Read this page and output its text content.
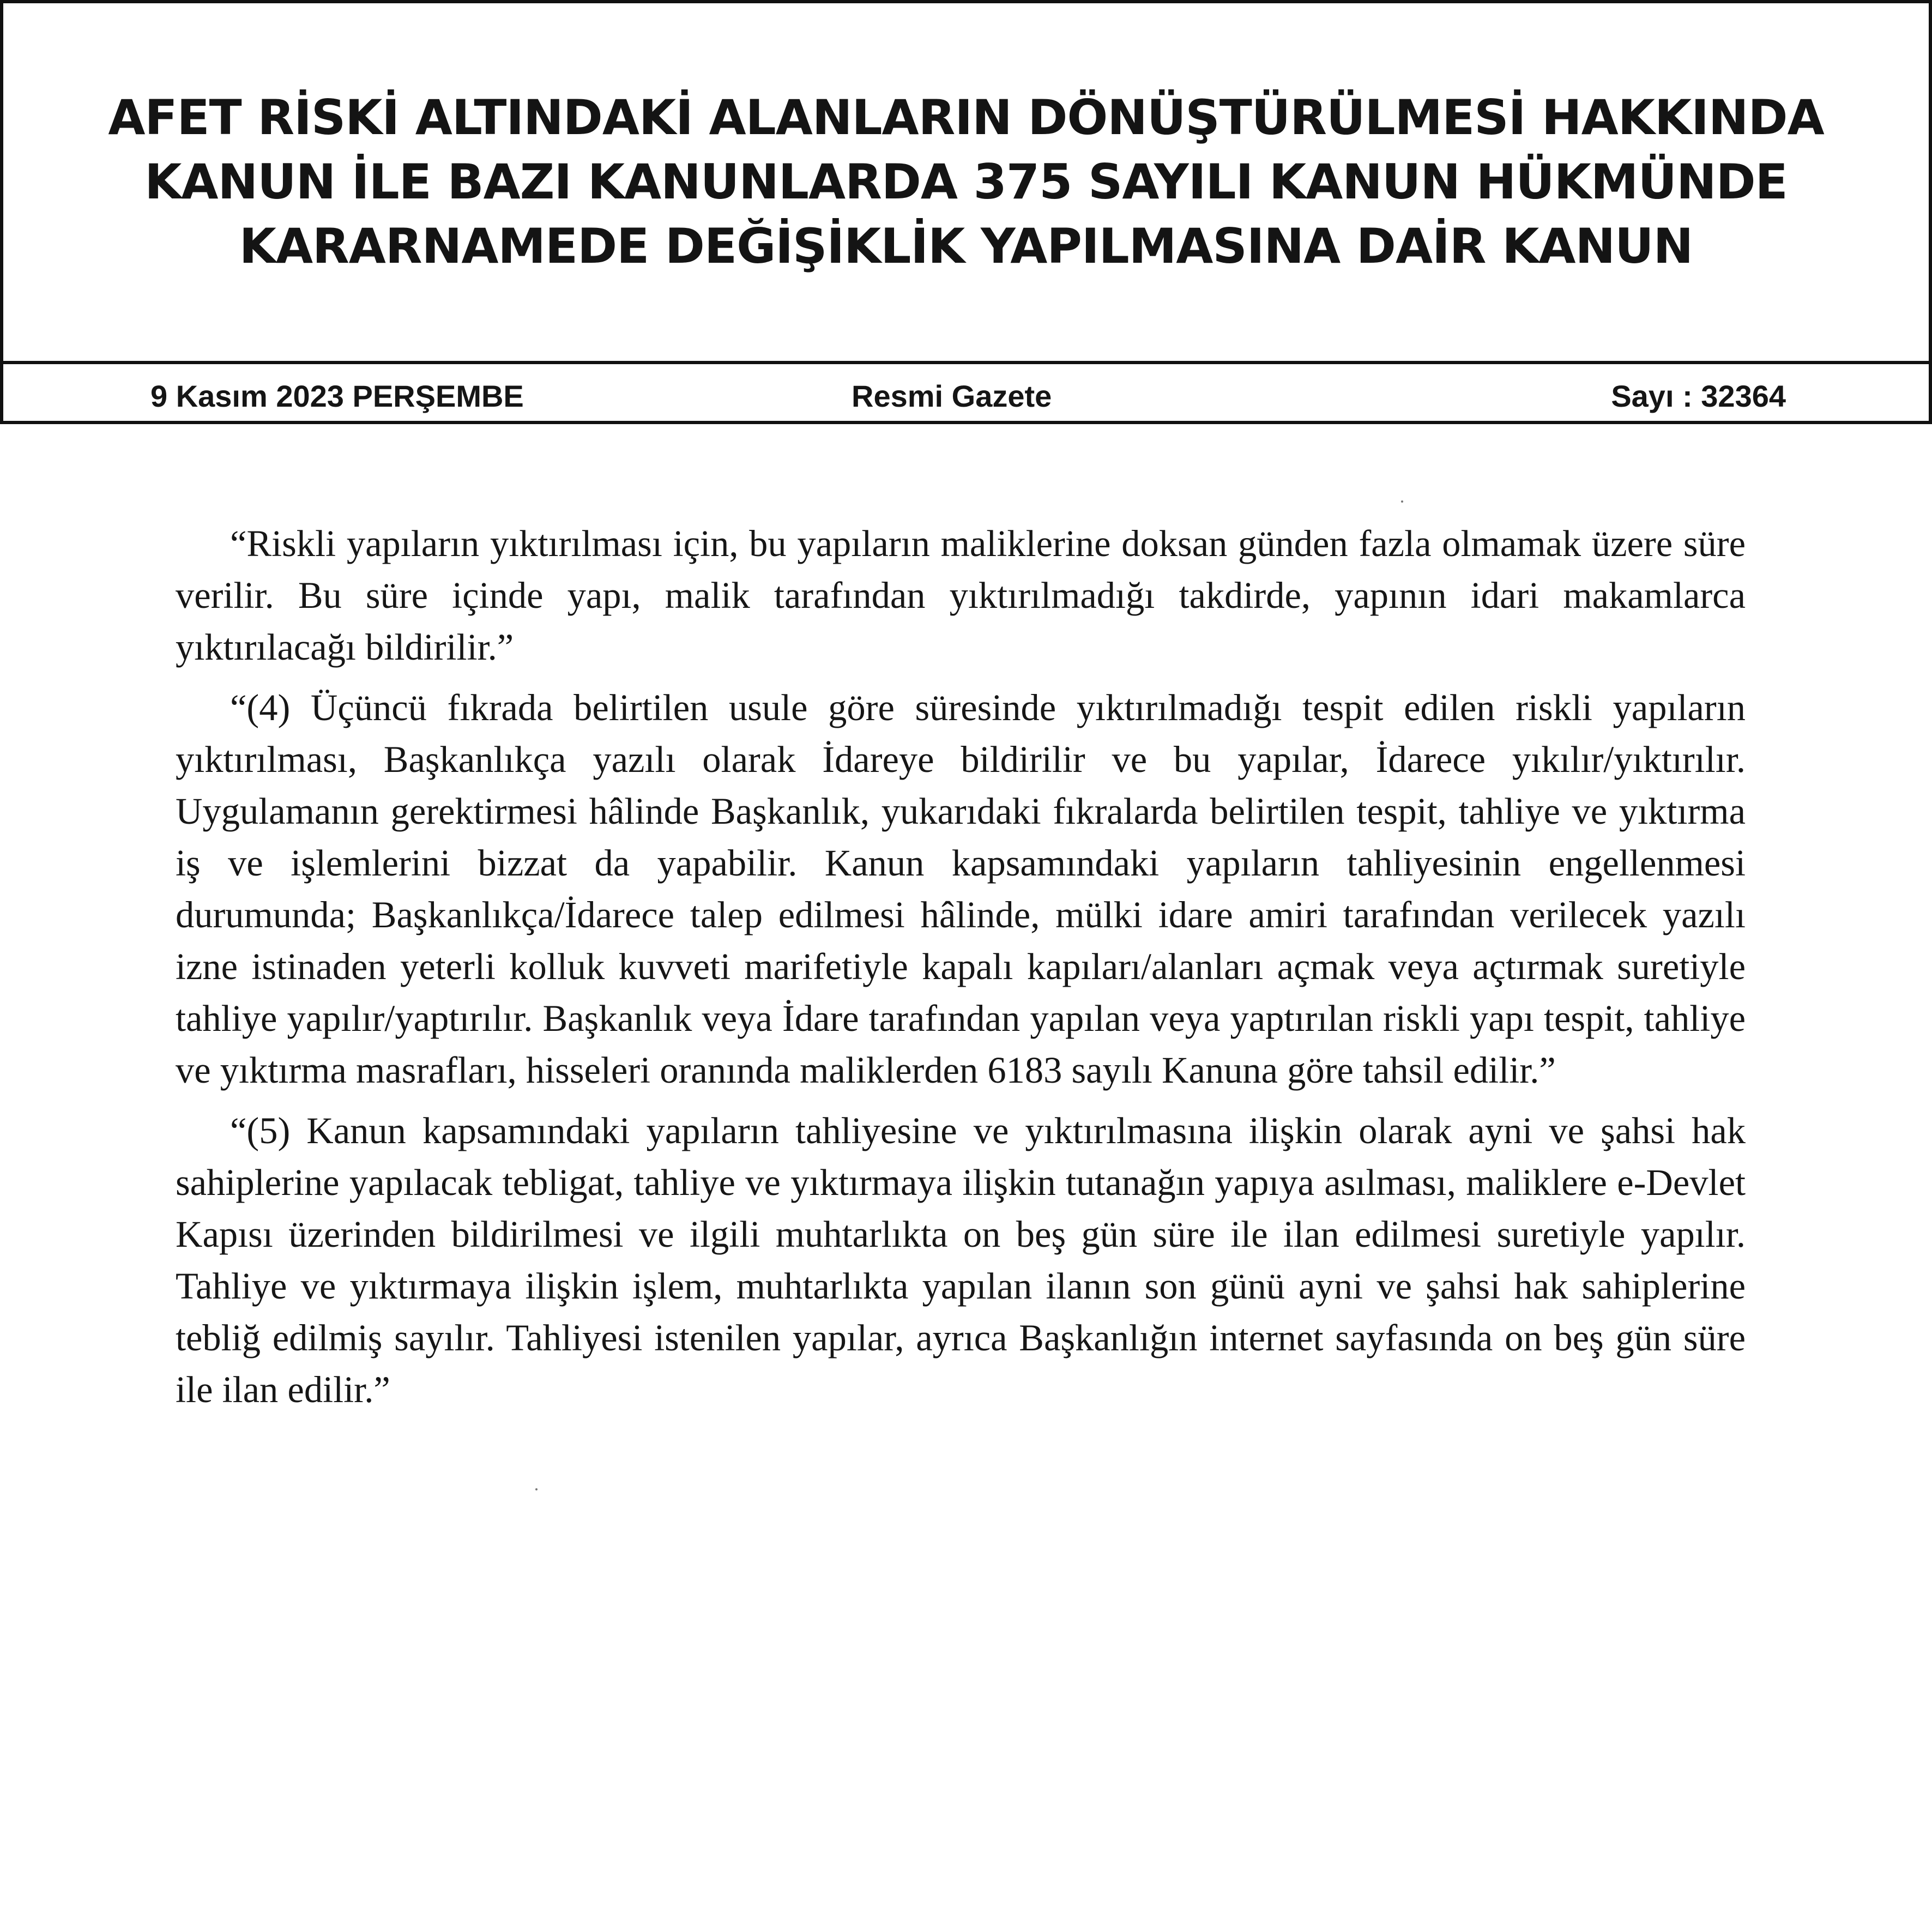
AFET RİSKİ ALTINDAKİ ALANLARIN DÖNÜŞTÜRÜLMESİ HAKKINDA KANUN İLE BAZI KANUNLARDA 375 SAYILI KANUN HÜKMÜNDE KARARNAMEDE DEĞİŞİKLİK YAPILMASINA DAİR KANUN
9 Kasım 2023 PERŞEMBE	Resmi Gazete	Sayı : 32364

“Riskli yapıların yıktırılması için, bu yapıların maliklerine doksan günden fazla olmamak üzere süre verilir. Bu süre içinde yapı, malik tarafından yıktırılmadığı takdirde, yapının idari makamlarca yıktırılacağı bildirilir.”

“(4) Üçüncü fıkrada belirtilen usule göre süresinde yıktırılmadığı tespit edilen riskli yapıların yıktırılması, Başkanlıkça yazılı olarak İdareye bildirilir ve bu yapılar, İdarece yıkılır/yıktırılır. Uygulamanın gerektirmesi hâlinde Başkanlık, yukarıdaki fıkralarda belirtilen tespit, tahliye ve yıktırma iş ve işlemlerini bizzat da yapabilir. Kanun kapsamındaki yapıların tahliyesinin engellenmesi durumunda; Başkanlıkça/İdarece talep edilmesi hâlinde, mülki idare amiri tarafından verilecek yazılı izne istinaden yeterli kolluk kuvveti marifetiyle kapalı kapıları/alanları açmak veya açtırmak suretiyle tahliye yapılır/yaptırılır. Başkanlık veya İdare tarafından yapılan veya yaptırılan riskli yapı tespit, tahliye ve yıktırma masrafları, hisseleri oranında maliklerden 6183 sayılı Kanuna göre tahsil edilir.”

“(5) Kanun kapsamındaki yapıların tahliyesine ve yıktırılmasına ilişkin olarak ayni ve şahsi hak sahiplerine yapılacak tebligat, tahliye ve yıktırmaya ilişkin tutanağın yapıya asılması, maliklere e-Devlet Kapısı üzerinden bildirilmesi ve ilgili muhtarlıkta on beş gün süre ile ilan edilmesi suretiyle yapılır. Tahliye ve yıktırmaya ilişkin işlem, muhtarlıkta yapılan ilanın son günü ayni ve şahsi hak sahiplerine tebliğ edilmiş sayılır. Tahliyesi istenilen yapılar, ayrıca Başkanlığın internet sayfasında on beş gün süre ile ilan edilir.”
